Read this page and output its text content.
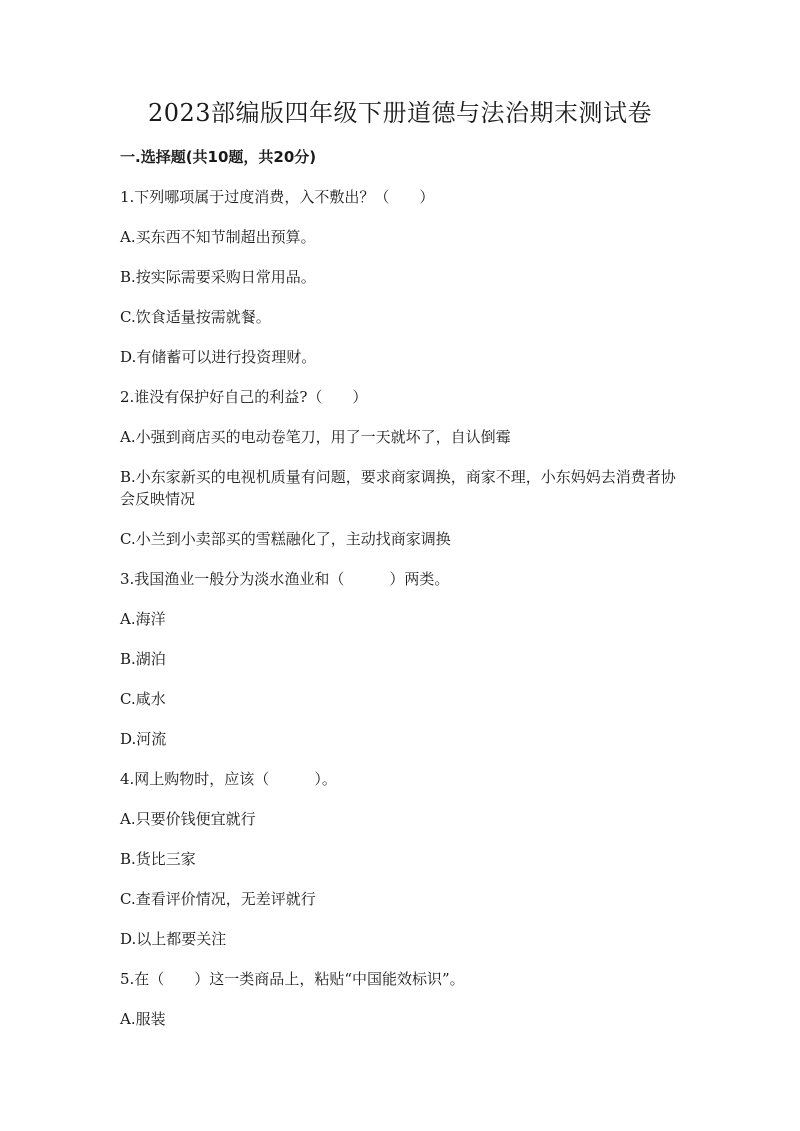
2023部编版四年级下册道德与法治期末测试卷
一.选择题(共10题，共20分)
1.下列哪项属于过度消费，入不敷出？（　　）
A.买东西不知节制超出预算。
B.按实际需要采购日常用品。
C.饮食适量按需就餐。
D.有储蓄可以进行投资理财。
2.谁没有保护好自己的利益?（　　）
A.小强到商店买的电动卷笔刀，用了一天就坏了，自认倒霉
B.小东家新买的电视机质量有问题，要求商家调换，商家不理，小东妈妈去消费者协会反映情况
C.小兰到小卖部买的雪糕融化了，主动找商家调换
3.我国渔业一般分为淡水渔业和（　　　）两类。
A.海洋
B.湖泊
C.咸水
D.河流
4.网上购物时，应该（　　　）。
A.只要价钱便宜就行
B.货比三家
C.查看评价情况，无差评就行
D.以上都要关注
5.在（　　）这一类商品上，粘贴“中国能效标识”。
A.服装
